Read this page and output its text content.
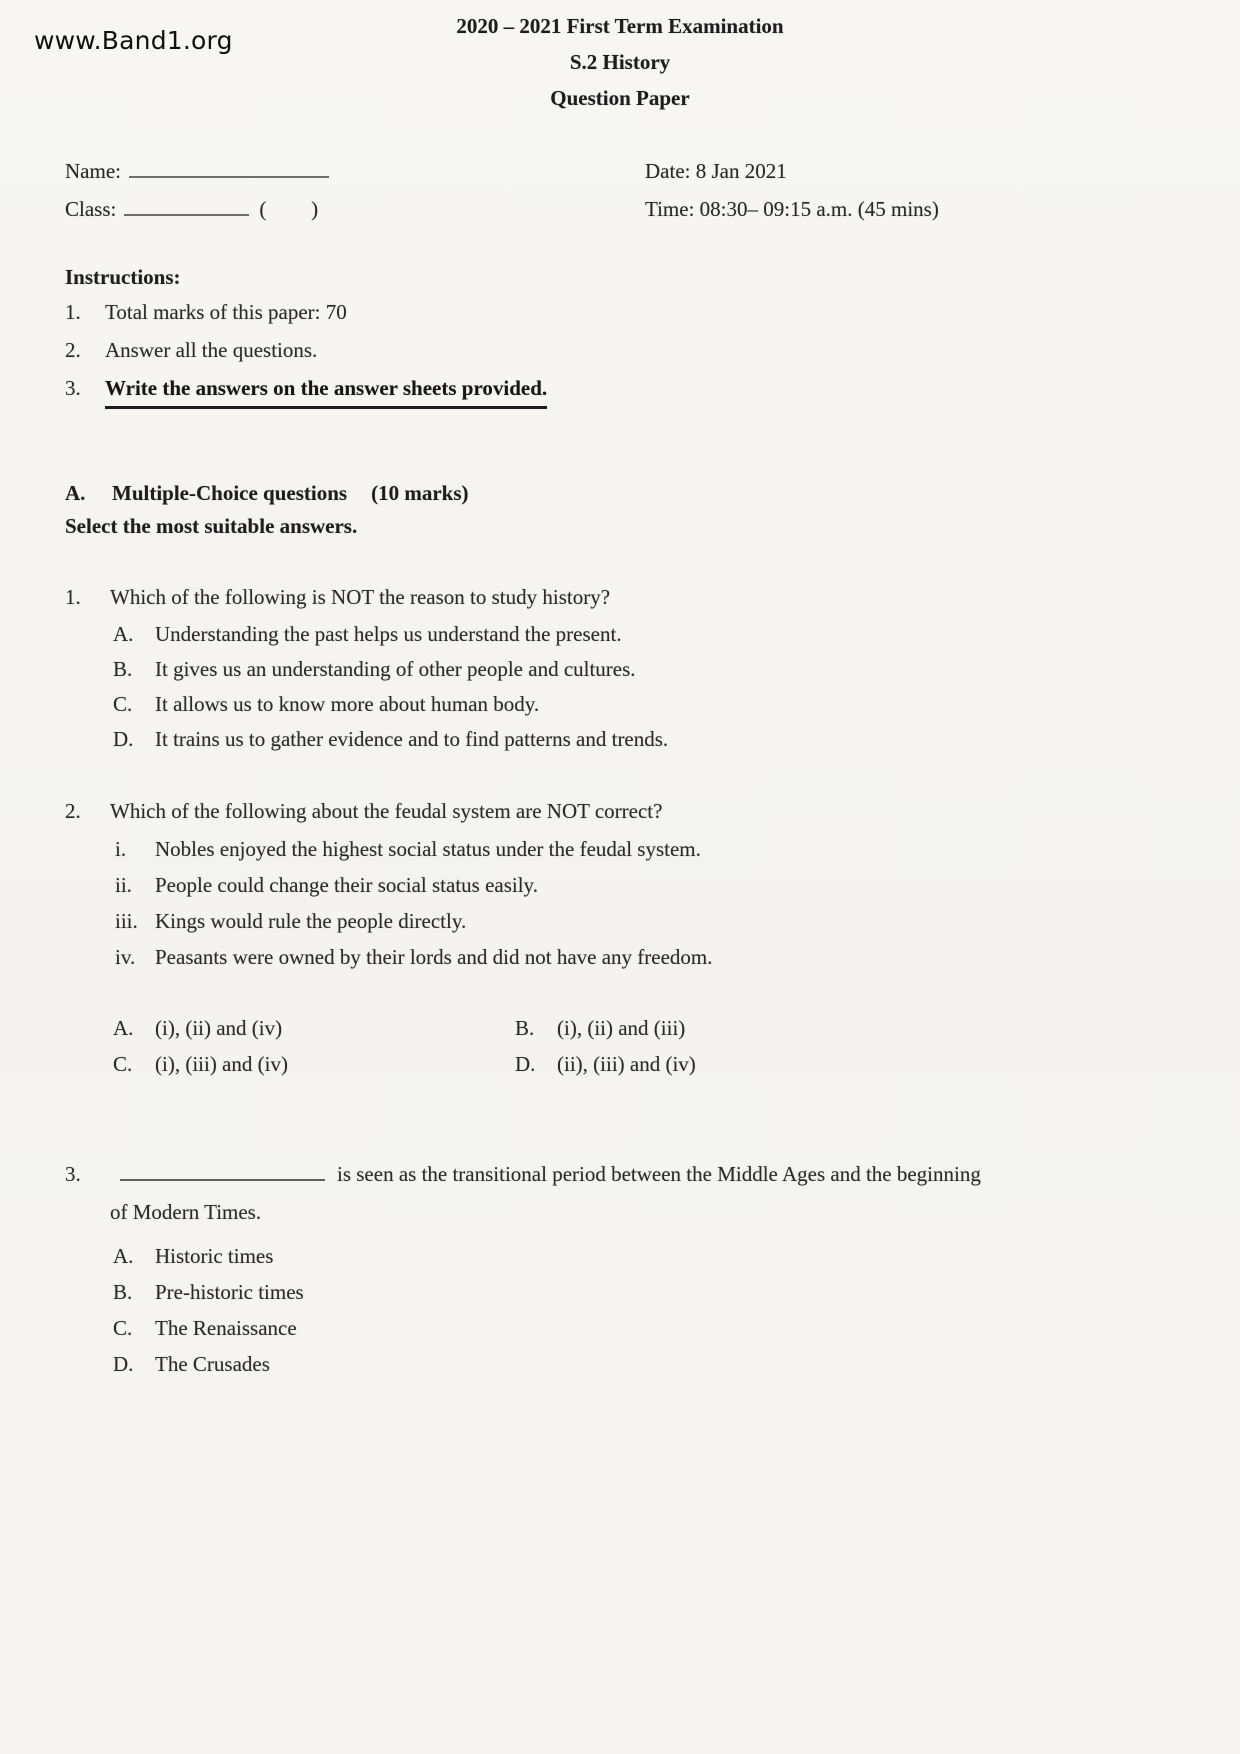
www.Band1.org	2020 – 2021 First Term Examination
S.2 History
Question Paper
Name:
Class:	(       )
Date: 8 Jan 2021
Time: 08:30– 09:15 a.m. (45 mins)
Instructions:
1.	Total marks of this paper: 70
2.	Answer all the questions.
3.	Write the answers on the answer sheets provided.
A.	Multiple-Choice questions (10 marks)
Select the most suitable answers.
1.	Which of the following is NOT the reason to study history?
A.	Understanding the past helps us understand the present.
B.	It gives us an understanding of other people and cultures.
C.	It allows us to know more about human body.
D.	It trains us to gather evidence and to find patterns and trends.
2.	Which of the following about the feudal system are NOT correct?
i.	Nobles enjoyed the highest social status under the feudal system.
ii.	People could change their social status easily.
iii. Kings would rule the people directly.
iv. Peasants were owned by their lords and did not have any freedom.
A.	(i), (ii) and (iv)	B.	(i), (ii) and (iii)
C.	(i), (iii) and (iv)	D.	(ii), (iii) and (iv)
3.	is seen as the transitional period between the Middle Ages and the beginning
of Modern Times.
A.	Historic times
B.	Pre-historic times
C.	The Renaissance
D.	The Crusades
